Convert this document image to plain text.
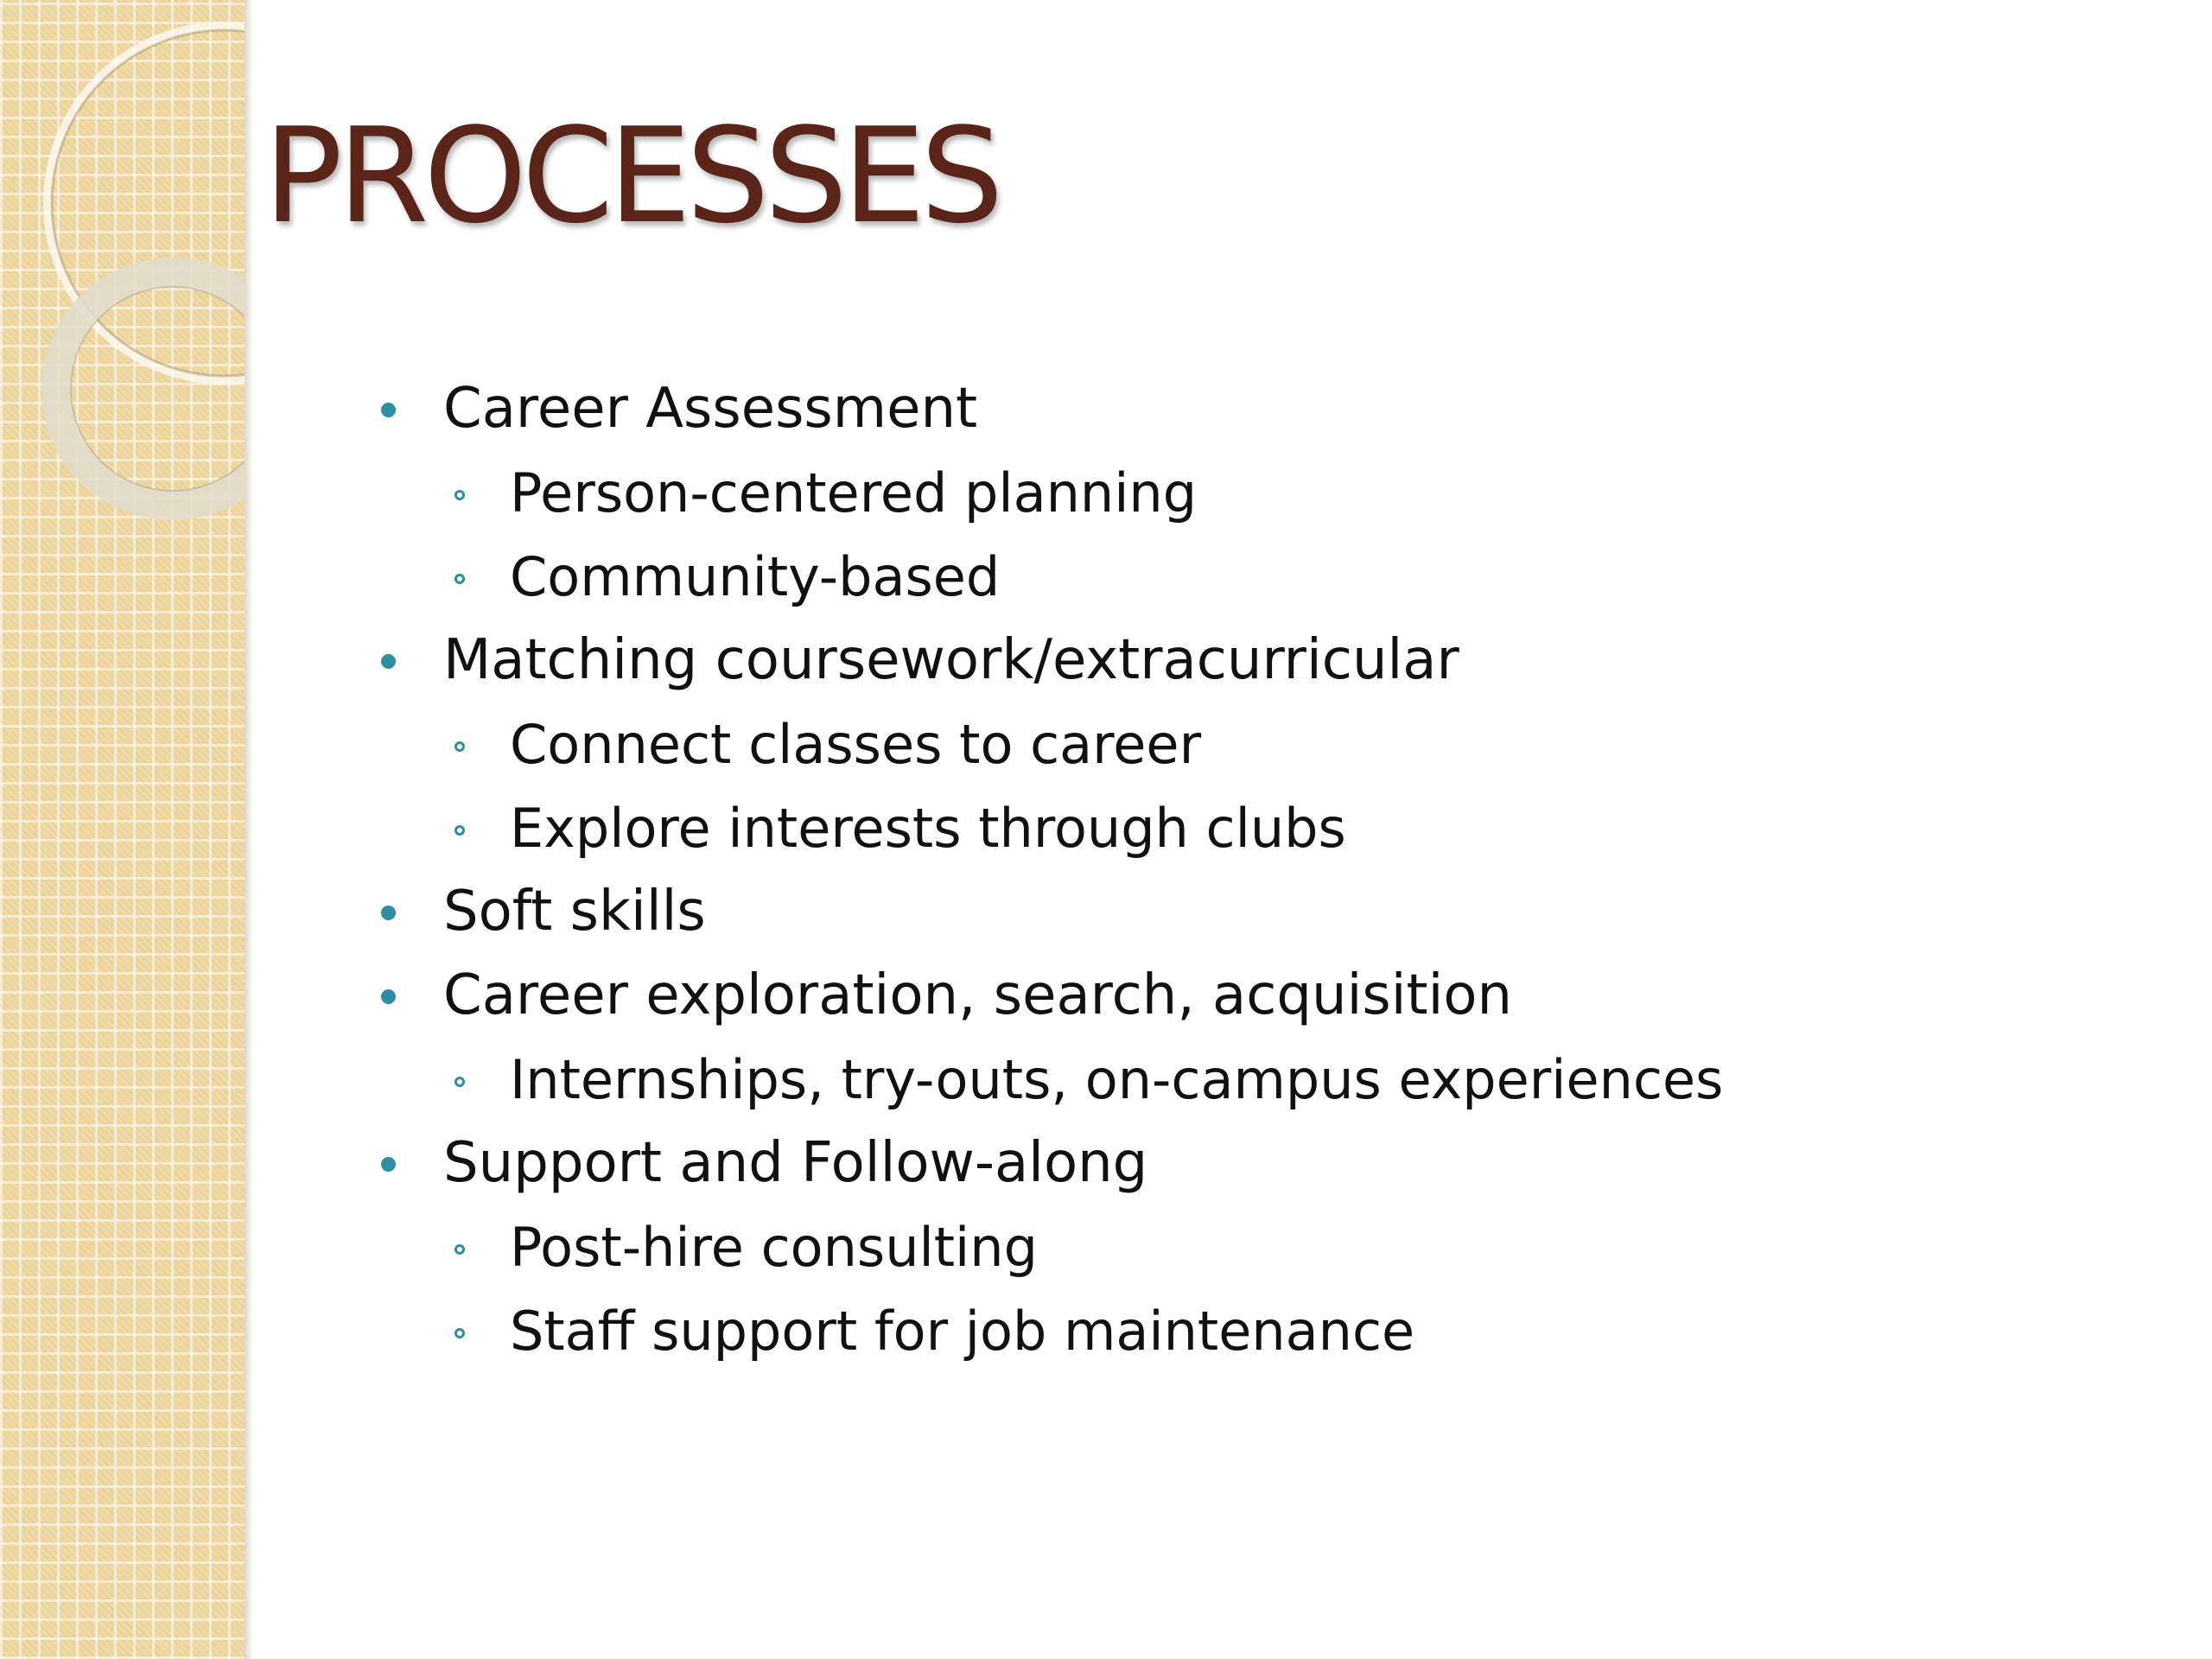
PROCESSES
Career Assessment
Person-centered planning
Community-based
Matching coursework/extracurricular
Connect classes to career
Explore interests through clubs
Soft skills
Career exploration, search, acquisition
Internships, try-outs, on-campus experiences
Support and Follow-along
Post-hire consulting
Staff support for job maintenance
